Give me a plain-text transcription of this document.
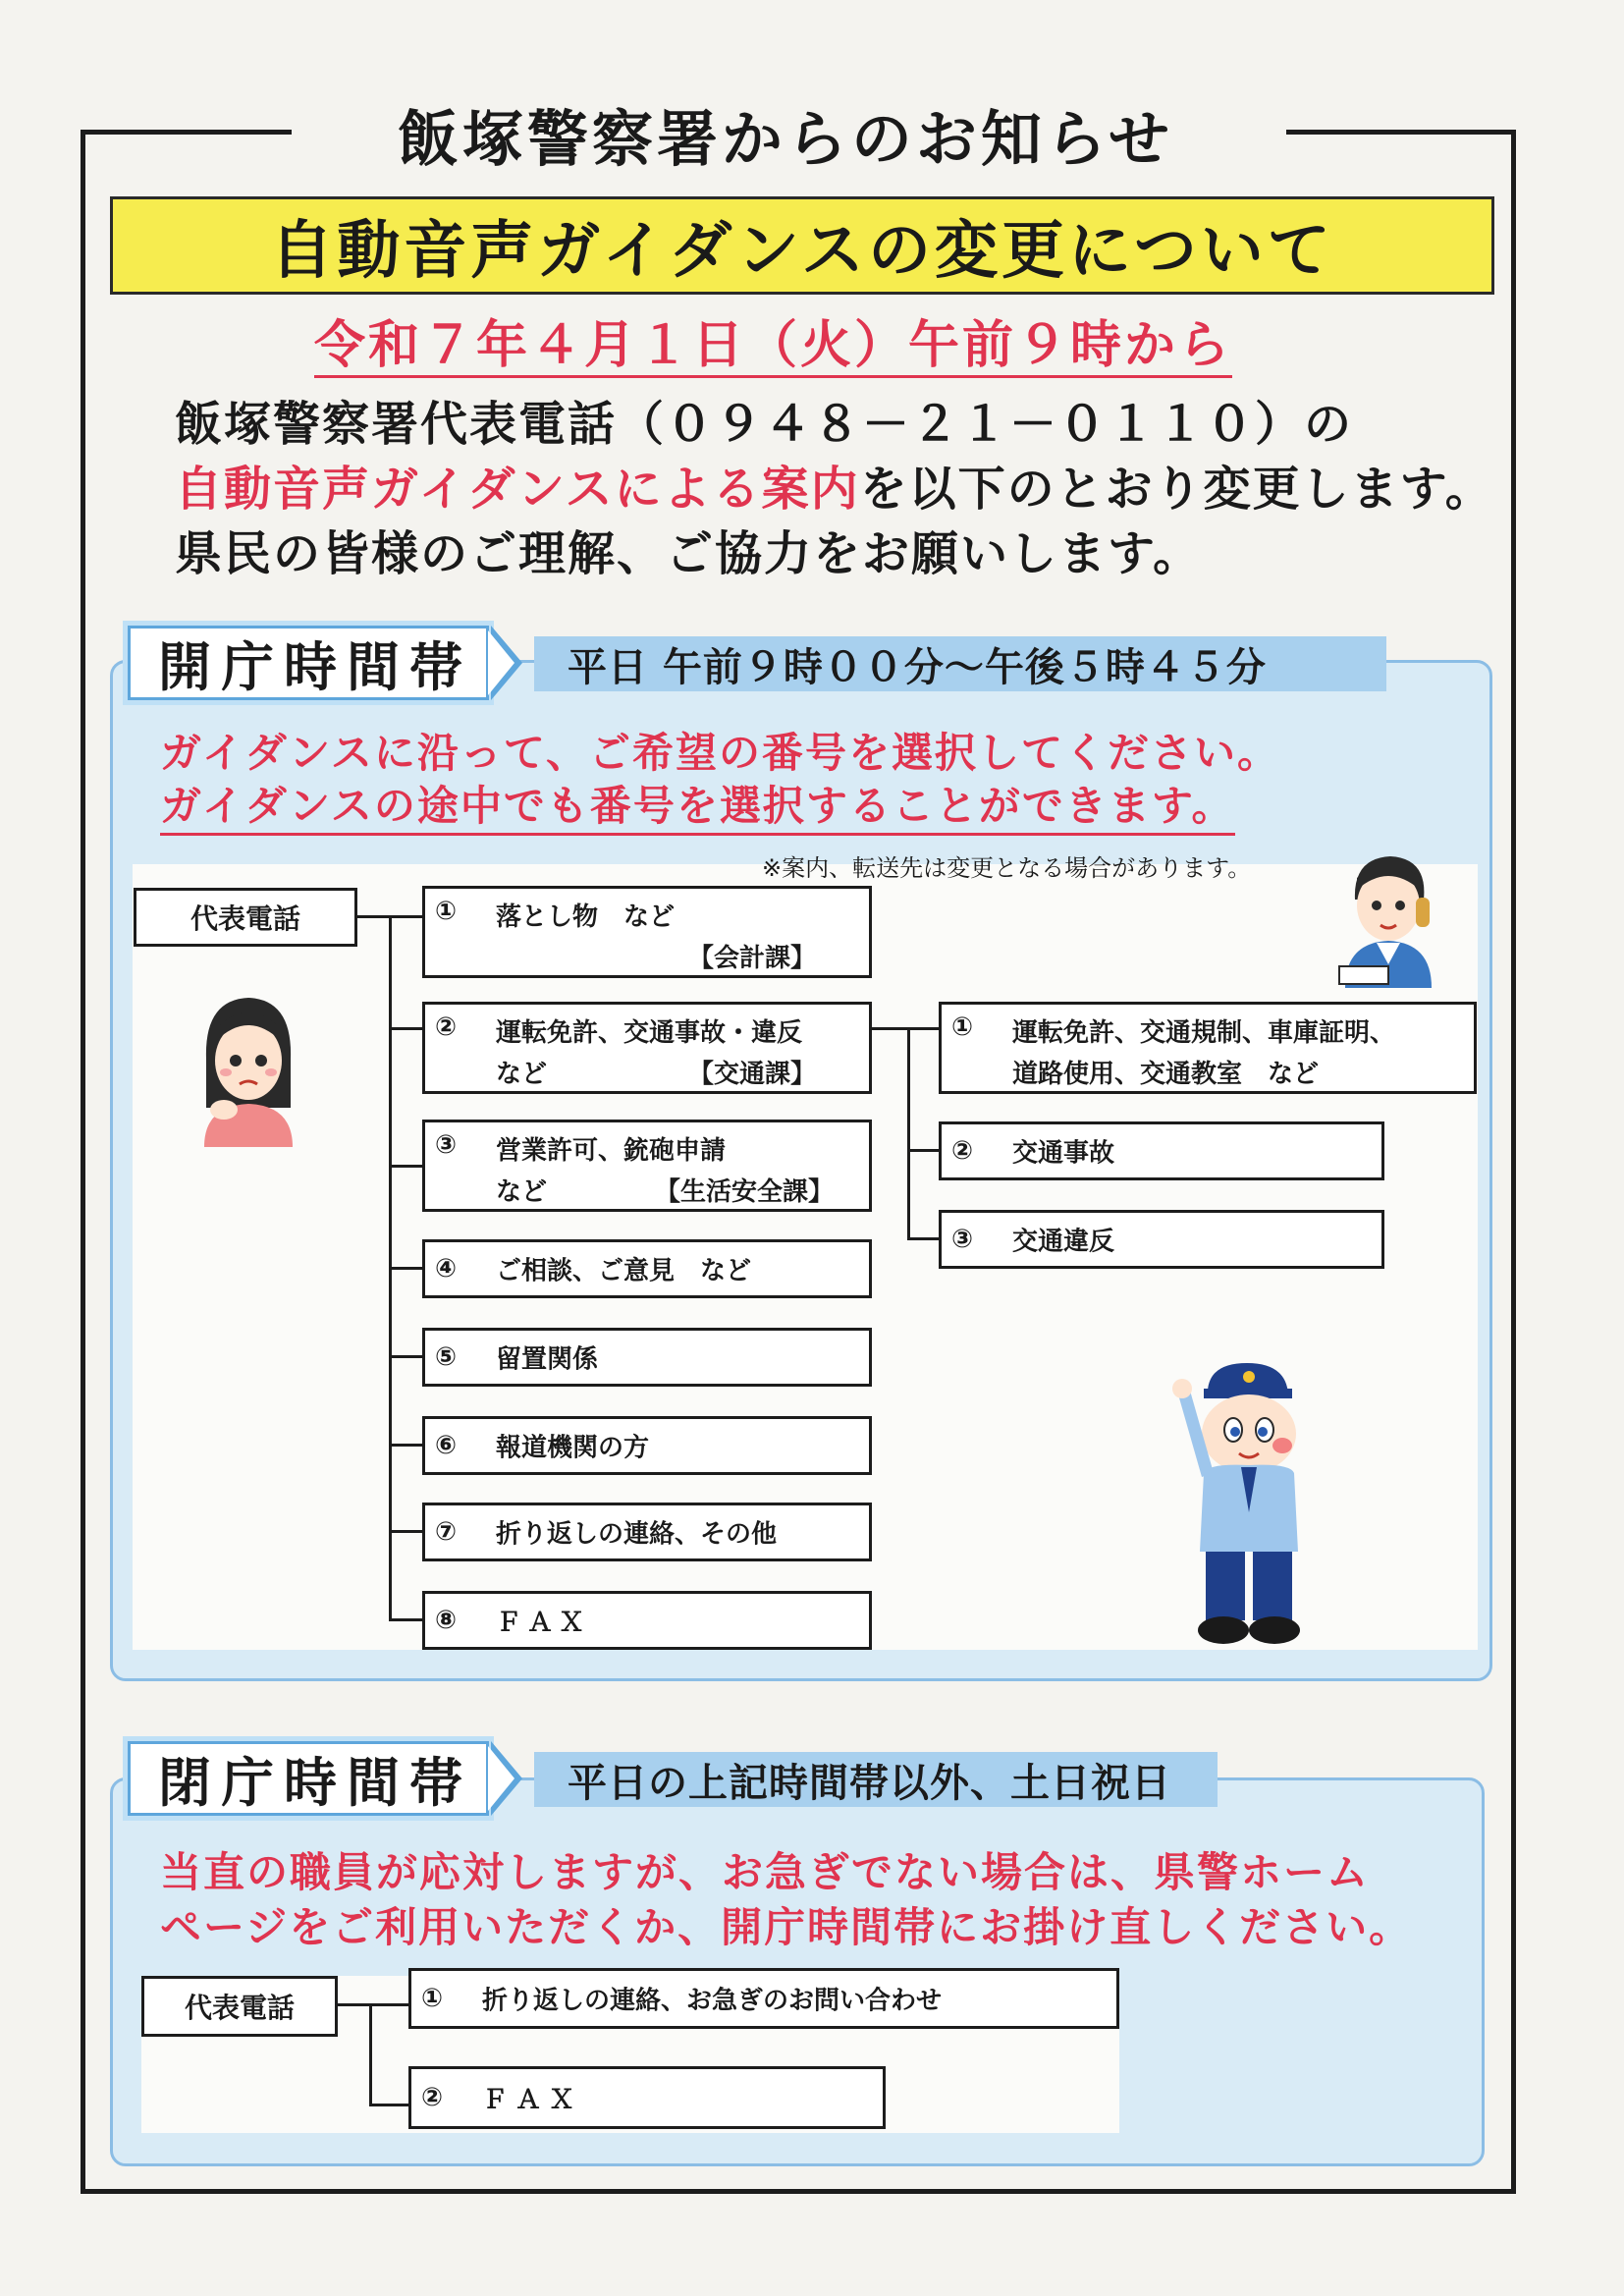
飯塚警察署からのお知らせ
自動音声ガイダンスの変更について
令和７年４月１日（火）午前９時から
飯塚警察署代表電話（０９４８－２１－０１１０）の
自動音声ガイダンスによる案内を以下のとおり変更します。
県民の皆様のご理解、ご協力をお願いします。
開庁時間帯	平日 午前９時００分～午後５時４５分
ガイダンスに沿って、ご希望の番号を選択してください。
ガイダンスの途中でも番号を選択することができます。
※案内、転送先は変更となる場合があります。
代表電話	① 落とし物　など
【会計課】
② 運転免許、交通事故・違反
など	【交通課】
③ 営業許可、銃砲申請
など	【生活安全課】
④ ご相談、ご意見　など
⑤ 留置関係
⑥ 報道機関の方
⑦ 折り返しの連絡、その他
⑧ ＦＡＸ
① 運転免許、交通規制、車庫証明、
道路使用、交通教室　など
② 交通事故
③ 交通違反
閉庁時間帯	平日の上記時間帯以外、土日祝日
当直の職員が応対しますが、お急ぎでない場合は、県警ホーム
ページをご利用いただくか、開庁時間帯にお掛け直しください。
代表電話	① 折り返しの連絡、お急ぎのお問い合わせ
② ＦＡＸ
